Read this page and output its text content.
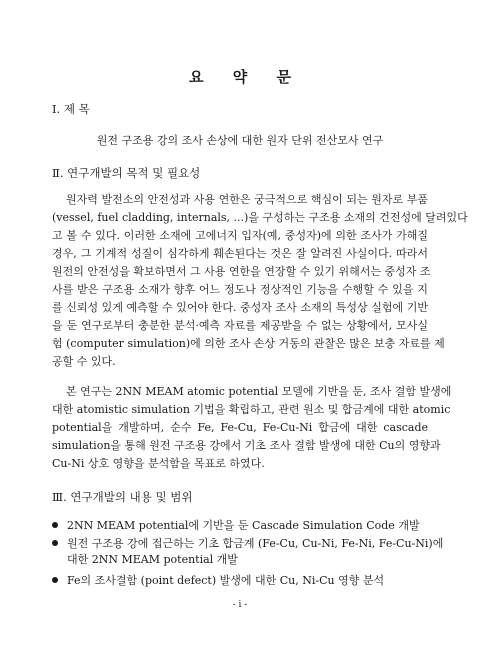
요 약 문
Ⅰ. 제 목
원전 구조용 강의 조사 손상에 대한 원자 단위 전산모사 연구
Ⅱ. 연구개발의 목적 및 필요성
원자력 발전소의 안전성과 사용 연한은 궁극적으로 핵심이 되는 원자로 부품
(vessel, fuel cladding, internals, ...)을 구성하는 구조용 소재의 건전성에 달려있다
고 볼 수 있다. 이러한 소재에 고에너지 입자(예, 중성자)에 의한 조사가 가해질
경우, 그 기계적 성질이 심각하게 훼손된다는 것은 잘 알려진 사실이다. 따라서
원전의 안전성을 확보하면서 그 사용 연한을 연장할 수 있기 위해서는 중성자 조
사를 받은 구조용 소재가 향후 어느 정도나 정상적인 기능을 수행할 수 있을 지
를 신뢰성 있게 예측할 수 있어야 한다. 중성자 조사 소재의 특성상 실험에 기반
을 둔 연구로부터 충분한 분석·예측 자료를 제공받을 수 없는 상황에서, 모사실
험 (computer simulation)에 의한 조사 손상 거동의 관찰은 많은 보충 자료를 제
공할 수 있다.
본 연구는 2NN MEAM atomic potential 모델에 기반을 둔, 조사 결함 발생에
대한 atomistic simulation 기법을 확립하고, 관련 원소 및 합금계에 대한 atomic
potential을 개발하며, 순수 Fe, Fe-Cu, Fe-Cu-Ni 합금에 대한 cascade
simulation을 통해 원전 구조용 강에서 기초 조사 결함 발생에 대한 Cu의 영향과
Cu-Ni 상호 영향을 분석함을 목표로 하였다.
Ⅲ. 연구개발의 내용 및 범위
2NN MEAM potential에 기반을 둔 Cascade Simulation Code 개발
원전 구조용 강에 접근하는 기초 합금계 (Fe-Cu, Cu-Ni, Fe-Ni, Fe-Cu-Ni)에
대한 2NN MEAM potential 개발
Fe의 조사결함 (point defect) 발생에 대한 Cu, Ni-Cu 영향 분석
- i -
